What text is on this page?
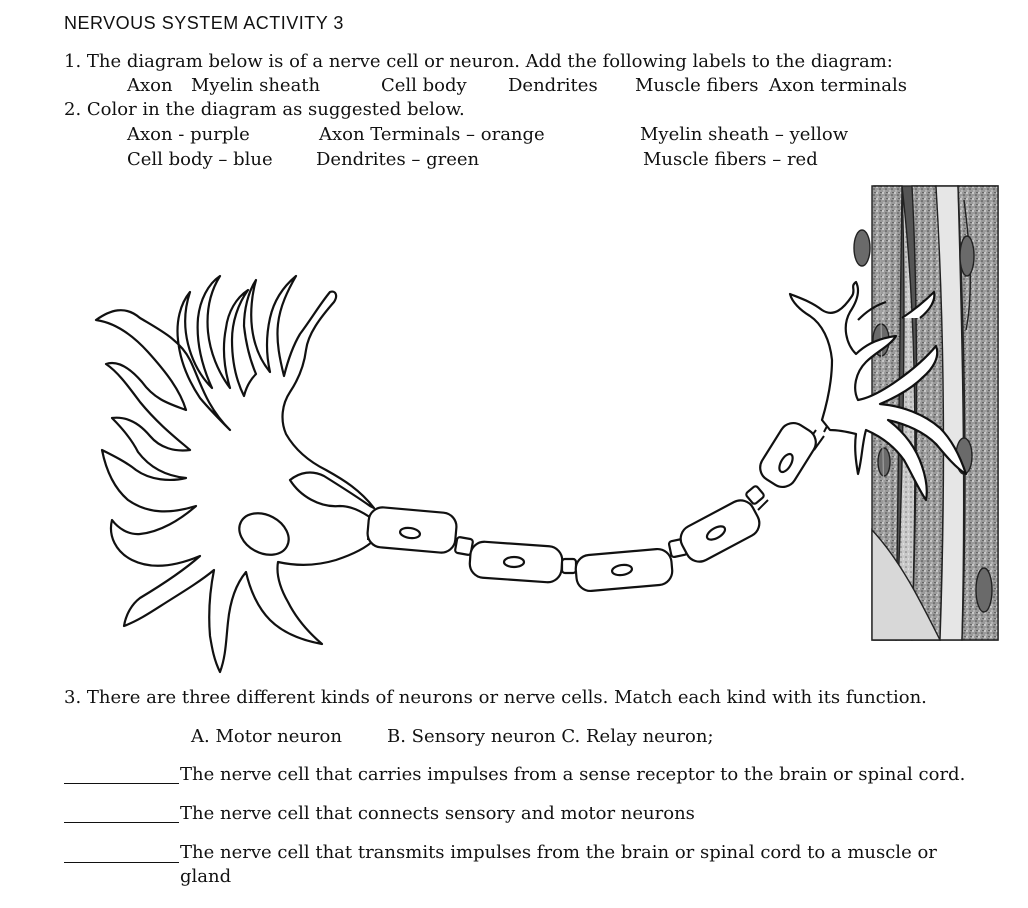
NERVOUS SYSTEM ACTIVITY 3
1. The diagram below is of a nerve cell or neuron. Add the following labels to the diagram:
Axon Myelin sheath	Cell body Dendrites Muscle fibers Axon terminals
2. Color in the diagram as suggested below.
Axon - purple	Axon Terminals – orange	Myelin sheath – yellow
Cell body – blue Dendrites – green	Muscle fibers – red
3. There are three different kinds of neurons or nerve cells. Match each kind with its function.
A. Motor neuron	B. Sensory neuron C. Relay neuron;
The nerve cell that carries impulses from a sense receptor to the brain or spinal cord.
The nerve cell that connects sensory and motor neurons
The nerve cell that transmits impulses from the brain or spinal cord to a muscle or
gland
